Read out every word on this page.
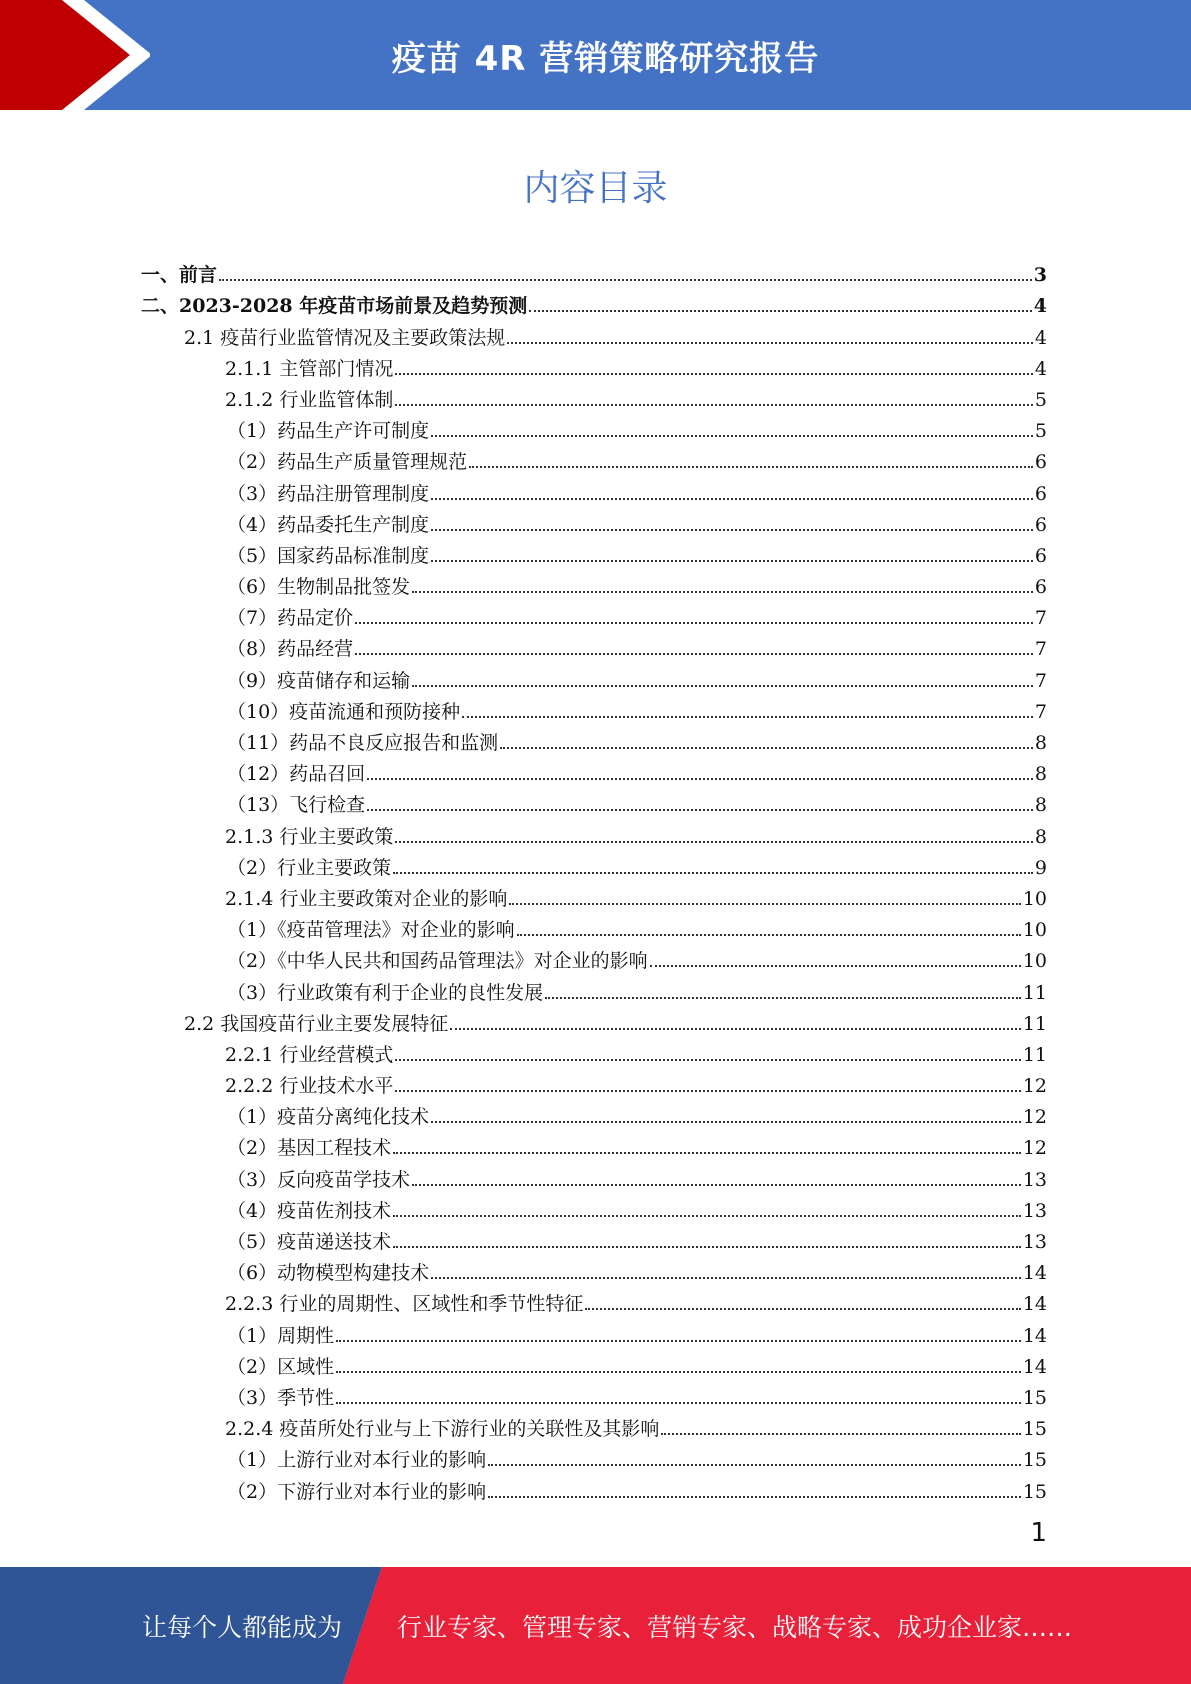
疫苗 4R 营销策略研究报告
内容目录
一、前言	3
二、2023-2028 年疫苗市场前景及趋势预测	4
2.1 疫苗行业监管情况及主要政策法规	4
2.1.1 主管部门情况	4
2.1.2 行业监管体制	5
（1）药品生产许可制度	5
（2）药品生产质量管理规范	6
（3）药品注册管理制度	6
（4）药品委托生产制度	6
（5）国家药品标准制度	6
（6）生物制品批签发	6
（7）药品定价	7
（8）药品经营	7
（9）疫苗储存和运输	7
（10）疫苗流通和预防接种	7
（11）药品不良反应报告和监测	8
（12）药品召回	8
（13）飞行检查	8
2.1.3 行业主要政策	8
（2）行业主要政策	9
2.1.4 行业主要政策对企业的影响	10
（1）《疫苗管理法》对企业的影响	10
（2）《中华人民共和国药品管理法》对企业的影响	10
（3）行业政策有利于企业的良性发展	11
2.2 我国疫苗行业主要发展特征	11
2.2.1 行业经营模式	11
2.2.2 行业技术水平	12
（1）疫苗分离纯化技术	12
（2）基因工程技术	12
（3）反向疫苗学技术	13
（4）疫苗佐剂技术	13
（5）疫苗递送技术	13
（6）动物模型构建技术	14
2.2.3 行业的周期性、区域性和季节性特征	14
（1）周期性	14
（2）区域性	14
（3）季节性	15
2.2.4 疫苗所处行业与上下游行业的关联性及其影响	15
（1）上游行业对本行业的影响	15
（2）下游行业对本行业的影响	15
1
让每个人都能成为 行业专家、管理专家、营销专家、战略专家、成功企业家……
